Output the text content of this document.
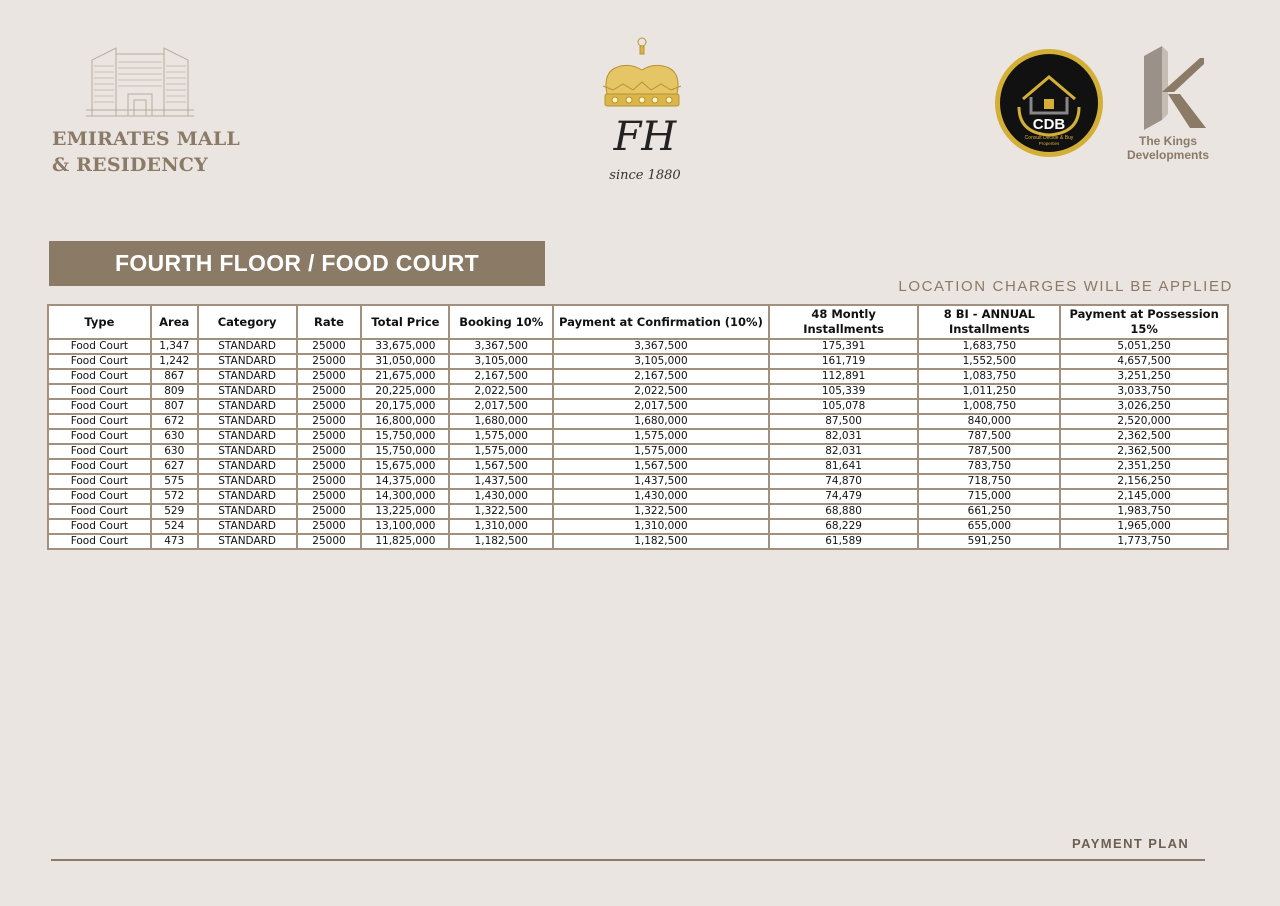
EMIRATES MALL
& RESIDENCY
FH
since 1880
CDB
Consult Decide & Buy
Properties	The Kings Developments
FOURTH FLOOR / FOOD COURT
LOCATION CHARGES WILL BE APPLIED
Type	Area	Category	Rate	Total Price	Booking 10%	Payment at Confirmation (10%)	48 Montly Installments	8 BI - ANNUAL Installments	Payment at Possession 15%
Food Court	1,347	STANDARD	25000	33,675,000	3,367,500	3,367,500	175,391	1,683,750	5,051,250
Food Court	1,242	STANDARD	25000	31,050,000	3,105,000	3,105,000	161,719	1,552,500	4,657,500
Food Court	867	STANDARD	25000	21,675,000	2,167,500	2,167,500	112,891	1,083,750	3,251,250
Food Court	809	STANDARD	25000	20,225,000	2,022,500	2,022,500	105,339	1,011,250	3,033,750
Food Court	807	STANDARD	25000	20,175,000	2,017,500	2,017,500	105,078	1,008,750	3,026,250
Food Court	672	STANDARD	25000	16,800,000	1,680,000	1,680,000	87,500	840,000	2,520,000
Food Court	630	STANDARD	25000	15,750,000	1,575,000	1,575,000	82,031	787,500	2,362,500
Food Court	630	STANDARD	25000	15,750,000	1,575,000	1,575,000	82,031	787,500	2,362,500
Food Court	627	STANDARD	25000	15,675,000	1,567,500	1,567,500	81,641	783,750	2,351,250
Food Court	575	STANDARD	25000	14,375,000	1,437,500	1,437,500	74,870	718,750	2,156,250
Food Court	572	STANDARD	25000	14,300,000	1,430,000	1,430,000	74,479	715,000	2,145,000
Food Court	529	STANDARD	25000	13,225,000	1,322,500	1,322,500	68,880	661,250	1,983,750
Food Court	524	STANDARD	25000	13,100,000	1,310,000	1,310,000	68,229	655,000	1,965,000
Food Court	473	STANDARD	25000	11,825,000	1,182,500	1,182,500	61,589	591,250	1,773,750
PAYMENT PLAN
